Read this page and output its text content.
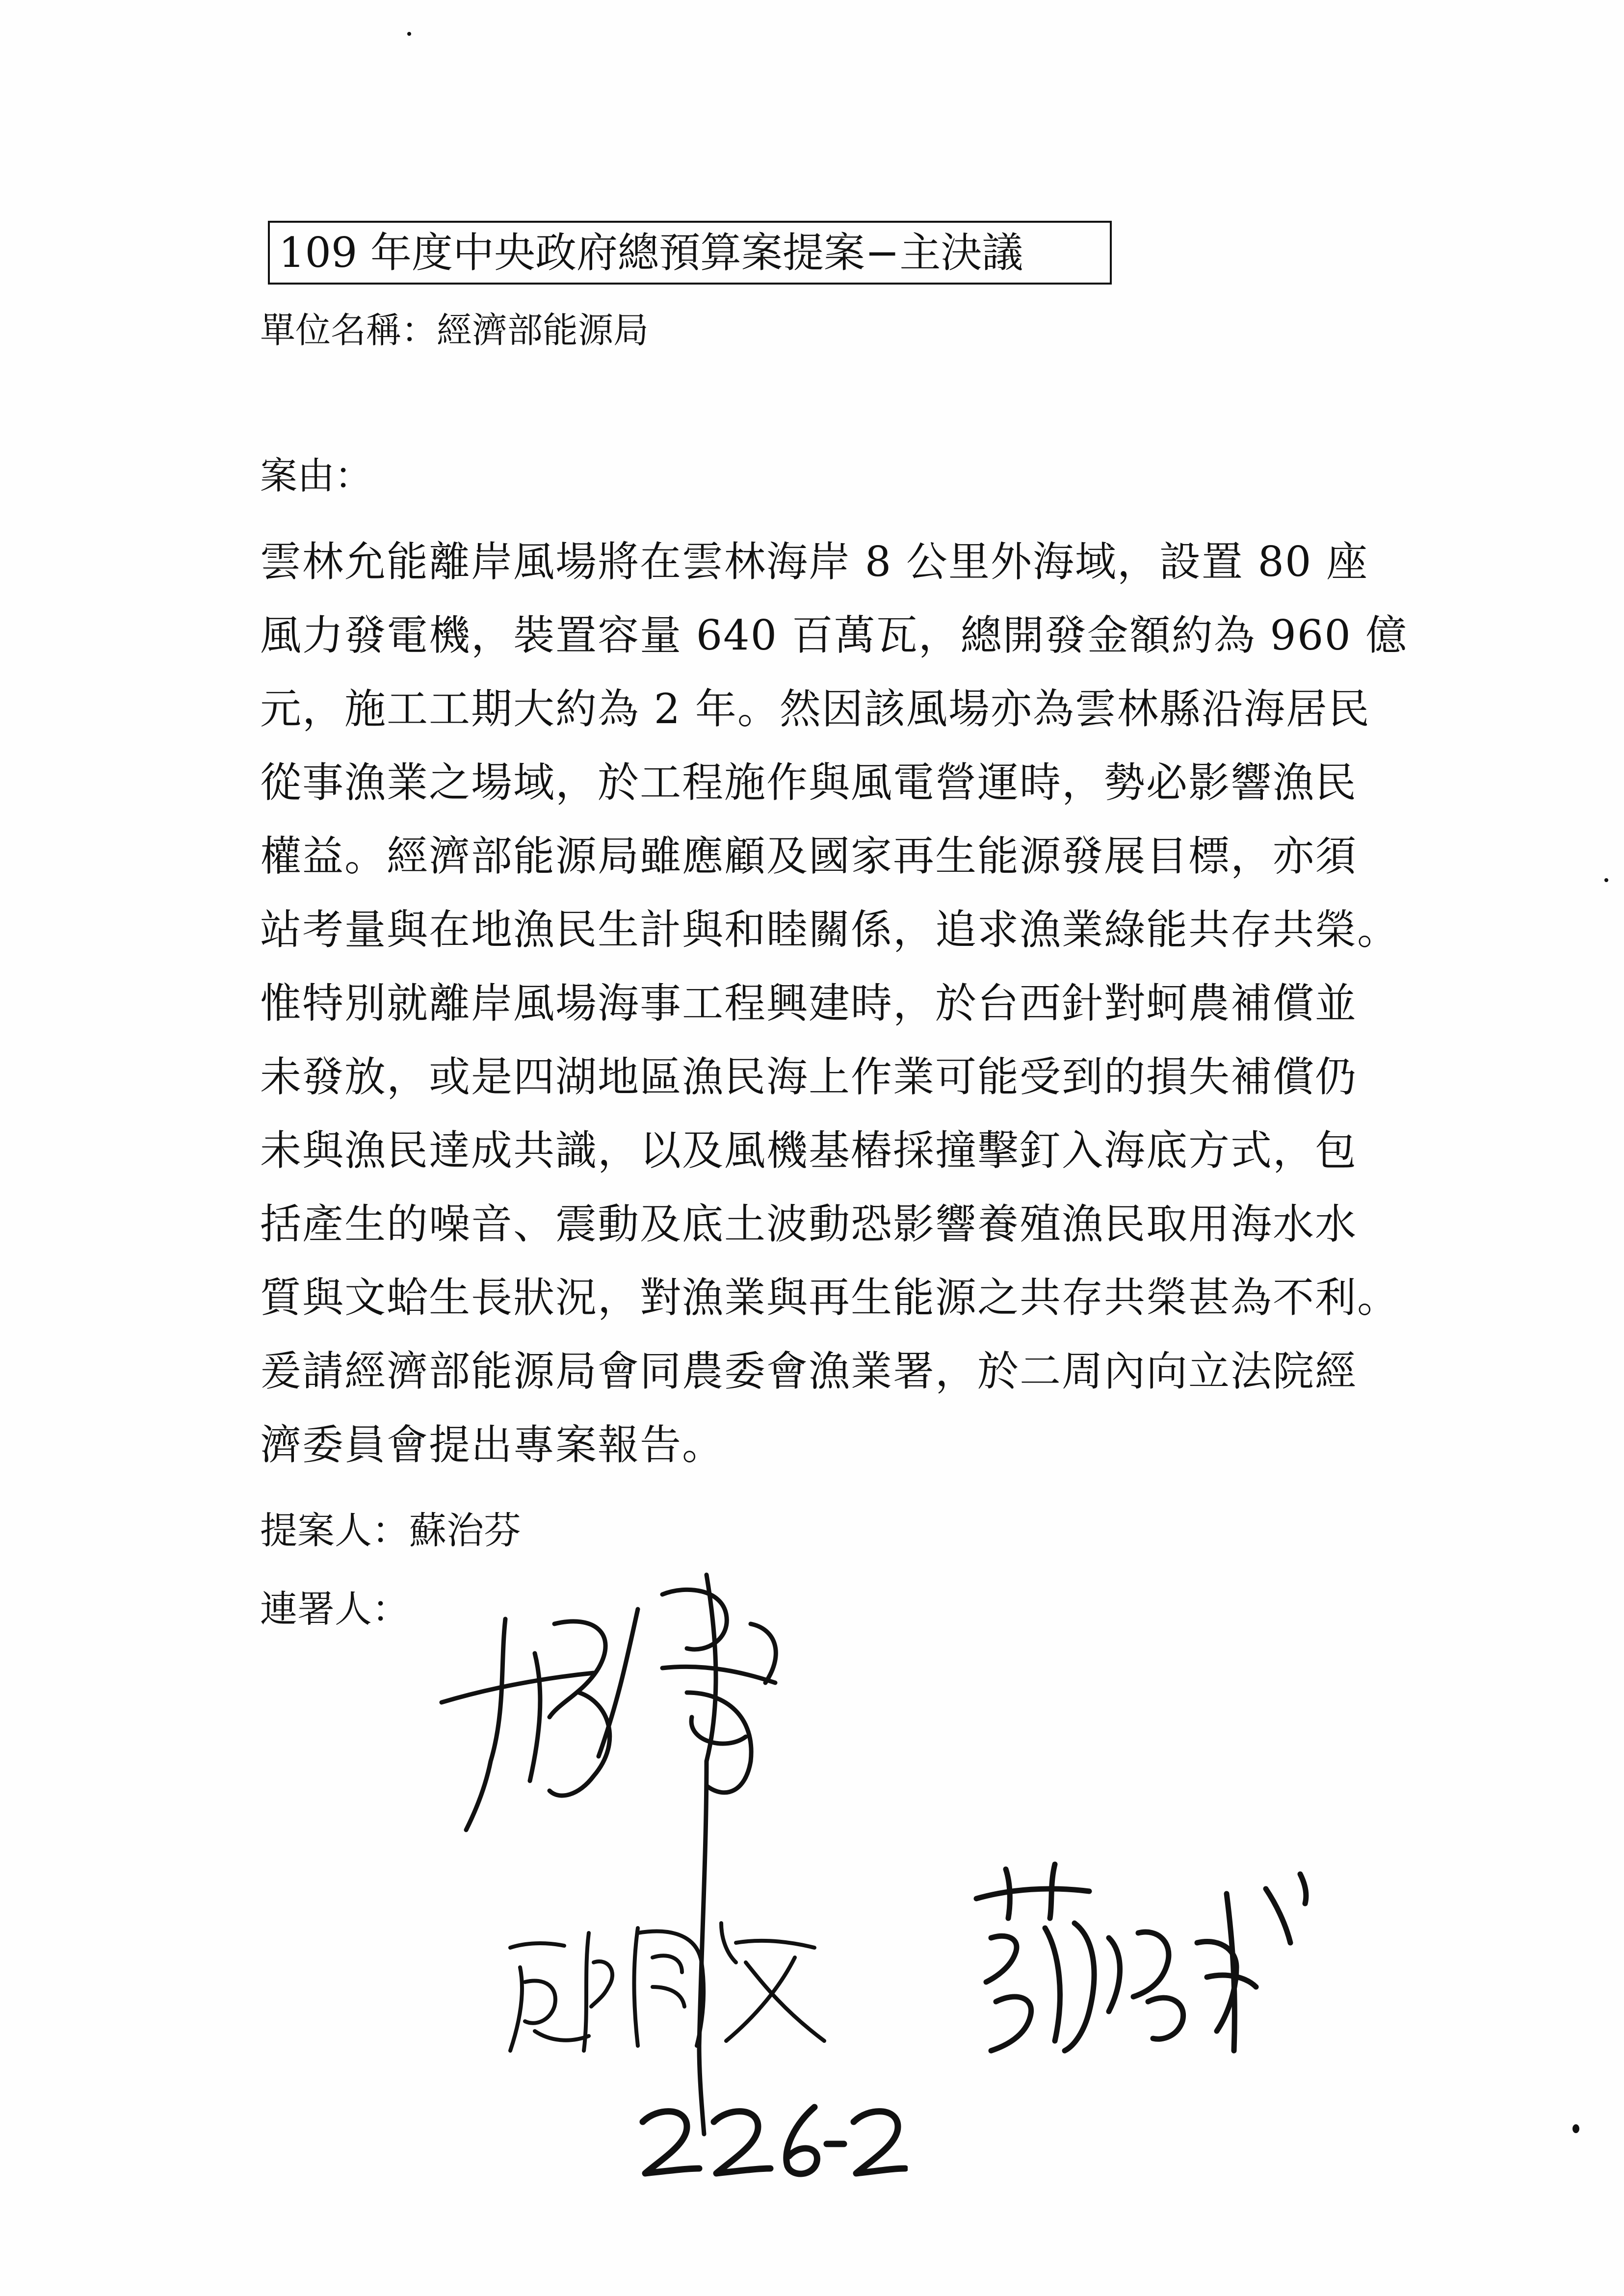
109 年度中央政府總預算案提案−主決議
單位名稱：經濟部能源局
案由：
雲林允能離岸風場將在雲林海岸 8 公里外海域，設置 80 座
風力發電機，裝置容量 640 百萬瓦，總開發金額約為 960 億
元，施工工期大約為 2 年。然因該風場亦為雲林縣沿海居民
從事漁業之場域，於工程施作與風電營運時，勢必影響漁民
權益。經濟部能源局雖應顧及國家再生能源發展目標，亦須
站考量與在地漁民生計與和睦關係，追求漁業綠能共存共榮。
惟特別就離岸風場海事工程興建時，於台西針對蚵農補償並
未發放，或是四湖地區漁民海上作業可能受到的損失補償仍
未與漁民達成共識，以及風機基樁採撞擊釘入海底方式，包
括產生的噪音、震動及底土波動恐影響養殖漁民取用海水水
質與文蛤生長狀況，對漁業與再生能源之共存共榮甚為不利。
爰請經濟部能源局會同農委會漁業署，於二周內向立法院經
濟委員會提出專案報告。
提案人：蘇治芬
連署人：
